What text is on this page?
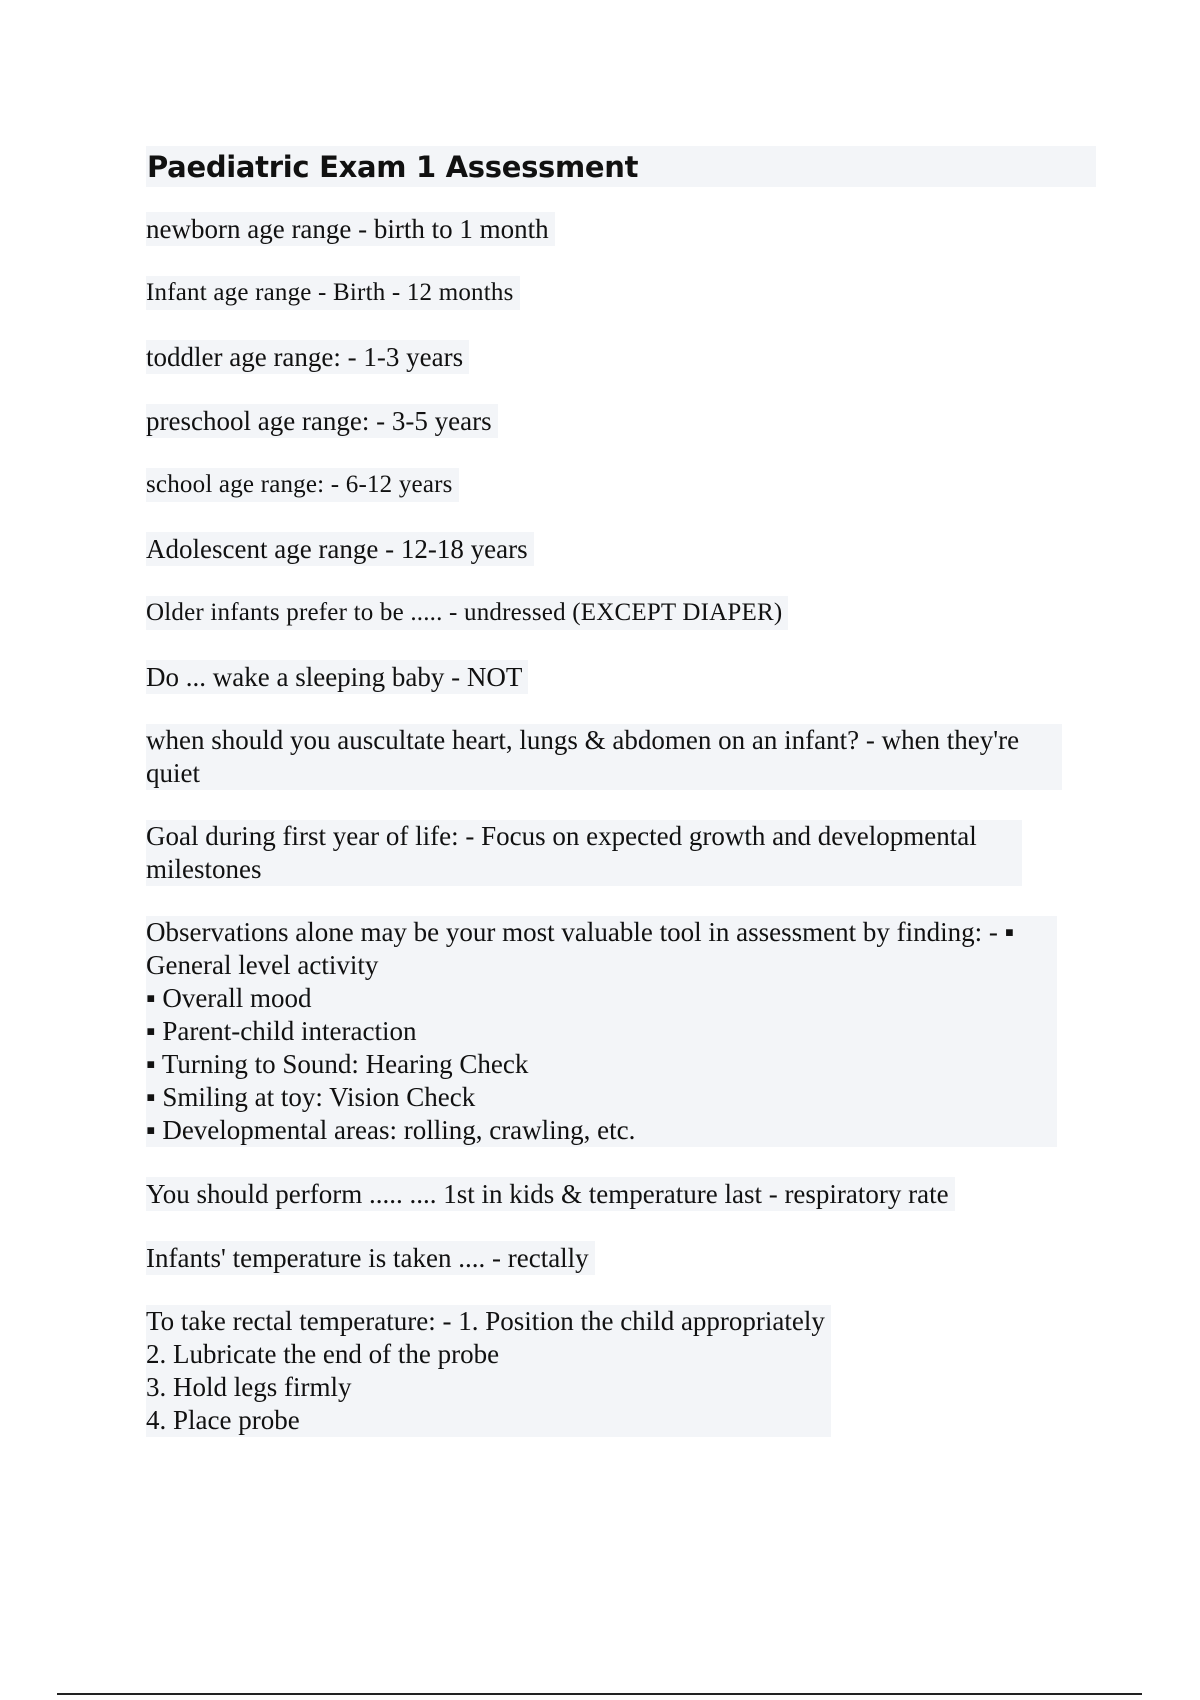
Paediatric Exam 1 Assessment
newborn age range - birth to 1 month
Infant age range - Birth - 12 months
toddler age range: - 1-3 years
preschool age range: - 3-5 years
school age range: - 6-12 years
Adolescent age range - 12-18 years
Older infants prefer to be ..... - undressed (EXCEPT DIAPER)
Do ... wake a sleeping baby - NOT
when should you auscultate heart, lungs & abdomen on an infant? - when they're
quiet
Goal during first year of life: - Focus on expected growth and developmental
milestones
Observations alone may be your most valuable tool in assessment by finding: - ▪
General level activity
▪ Overall mood
▪ Parent-child interaction
▪ Turning to Sound: Hearing Check
▪ Smiling at toy: Vision Check
▪ Developmental areas: rolling, crawling, etc.
You should perform ..... .... 1st in kids & temperature last - respiratory rate
Infants' temperature is taken .... - rectally
To take rectal temperature: - 1. Position the child appropriately
2. Lubricate the end of the probe
3. Hold legs firmly
4. Place probe
